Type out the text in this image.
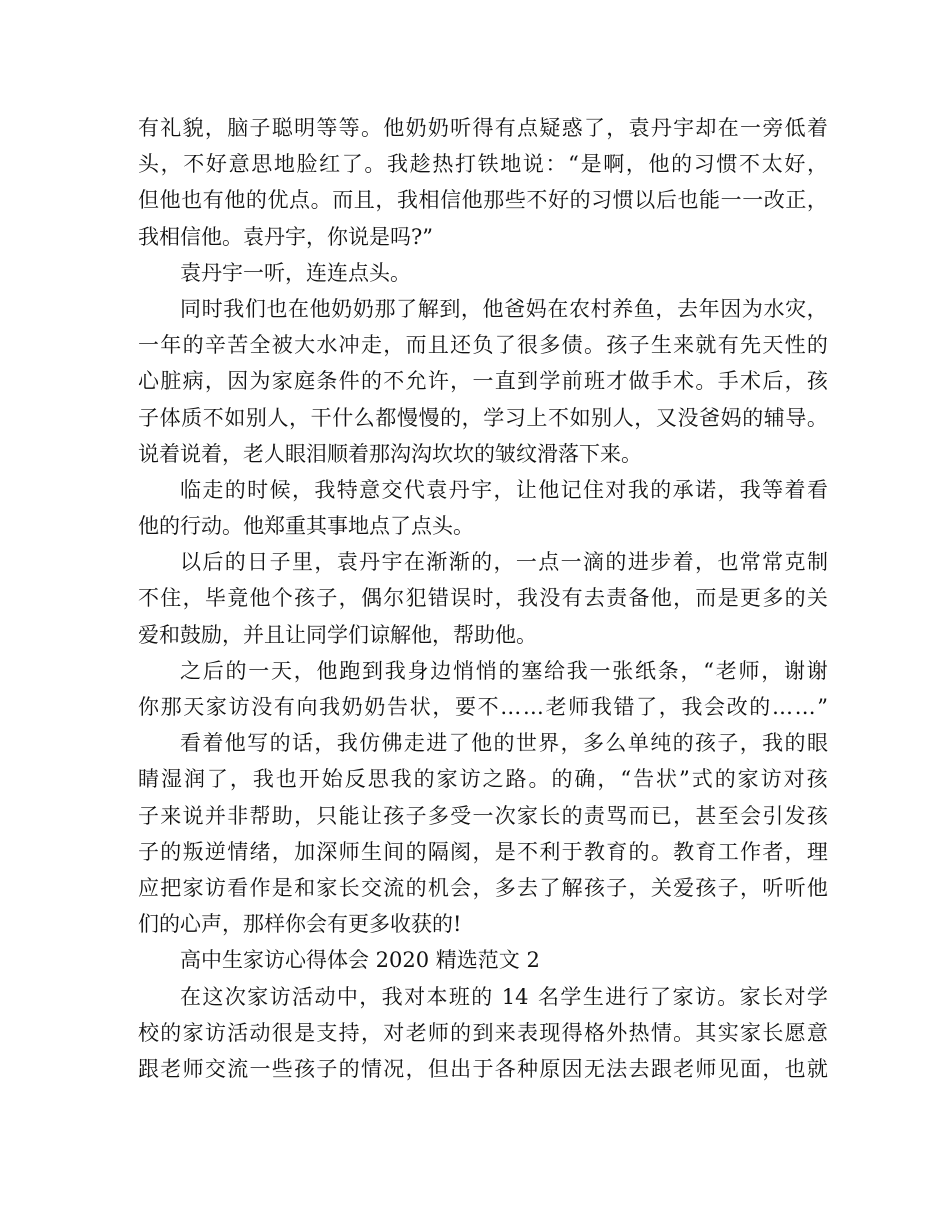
有 礼 貌 ， 脑 子 聪 明 等 等 。 他 奶 奶 听 得 有 点 疑 惑 了 ， 袁 丹 宇 却 在 一 旁 低 着
头 ， 不 好 意 思 地 脸 红 了 。 我 趁 热 打 铁 地 说 ： “ 是 啊 ， 他 的 习 惯 不 太 好 ，
但 他 也 有 他 的 优 点 。 而 且 ， 我 相 信 他 那 些 不 好 的 习 惯 以 后 也 能 一 一 改 正 ，
我相信他。袁丹宇，你说是吗?”
袁丹宇一听，连连点头。
同 时 我 们 也 在 他 奶 奶 那 了 解 到 ， 他 爸 妈 在 农 村 养 鱼 ， 去 年 因 为 水 灾 ，
一 年 的 辛 苦 全 被 大 水 冲 走 ， 而 且 还 负 了 很 多 债 。 孩 子 生 来 就 有 先 天 性 的
心 脏 病 ， 因 为 家 庭 条 件 的 不 允 许 ， 一 直 到 学 前 班 才 做 手 术 。 手 术 后 ， 孩
子 体 质 不 如 别 人 ， 干 什 么 都 慢 慢 的 ， 学 习 上 不 如 别 人 ， 又 没 爸 妈 的 辅 导 。
说着说着，老人眼泪顺着那沟沟坎坎的皱纹滑落下来。
临 走 的 时 候 ， 我 特 意 交 代 袁 丹 宇 ， 让 他 记 住 对 我 的 承 诺 ， 我 等 着 看
他的行动。他郑重其事地点了点头。
以 后 的 日 子 里 ， 袁 丹 宇 在 渐 渐 的 ， 一 点 一 滴 的 进 步 着 ， 也 常 常 克 制
不 住 ， 毕 竟 他 个 孩 子 ， 偶 尔 犯 错 误 时 ， 我 没 有 去 责 备 他 ， 而 是 更 多 的 关
爱和鼓励，并且让同学们谅解他，帮助他。
之 后 的 一 天 ， 他 跑 到 我 身 边 悄 悄 的 塞 给 我 一 张 纸 条 ， “ 老 师 ， 谢 谢
你 那 天 家 访 没 有 向 我 奶 奶 告 状 ， 要 不 … … 老 师 我 错 了 ， 我 会 改 的 … … ”
看 着 他 写 的 话 ， 我 仿 佛 走 进 了 他 的 世 界 ， 多 么 单 纯 的 孩 子 ， 我 的 眼
睛 湿 润 了 ， 我 也 开 始 反 思 我 的 家 访 之 路 。 的 确 ， “ 告 状 ” 式 的 家 访 对 孩
子 来 说 并 非 帮 助 ， 只 能 让 孩 子 多 受 一 次 家 长 的 责 骂 而 已 ， 甚 至 会 引 发 孩
子 的 叛 逆 情 绪 ， 加 深 师 生 间 的 隔 阂 ， 是 不 利 于 教 育 的 。 教 育 工 作 者 ， 理
应 把 家 访 看 作 是 和 家 长 交 流 的 机 会 ， 多 去 了 解 孩 子 ， 关 爱 孩 子 ， 听 听 他
们的心声，那样你会有更多收获的!
高中生家访心得体会 2020 精选范文 2
在 这 次 家 访 活 动 中 ， 我 对 本 班 的
14
名 学 生 进 行 了 家 访 。 家 长 对 学
校 的 家 访 活 动 很 是 支 持 ， 对 老 师 的 到 来 表 现 得 格 外 热 情 。 其 实 家 长 愿 意
跟 老 师 交 流 一 些 孩 子 的 情 况 ， 但 出 于 各 种 原 因 无 法 去 跟 老 师 见 面 ， 也 就
